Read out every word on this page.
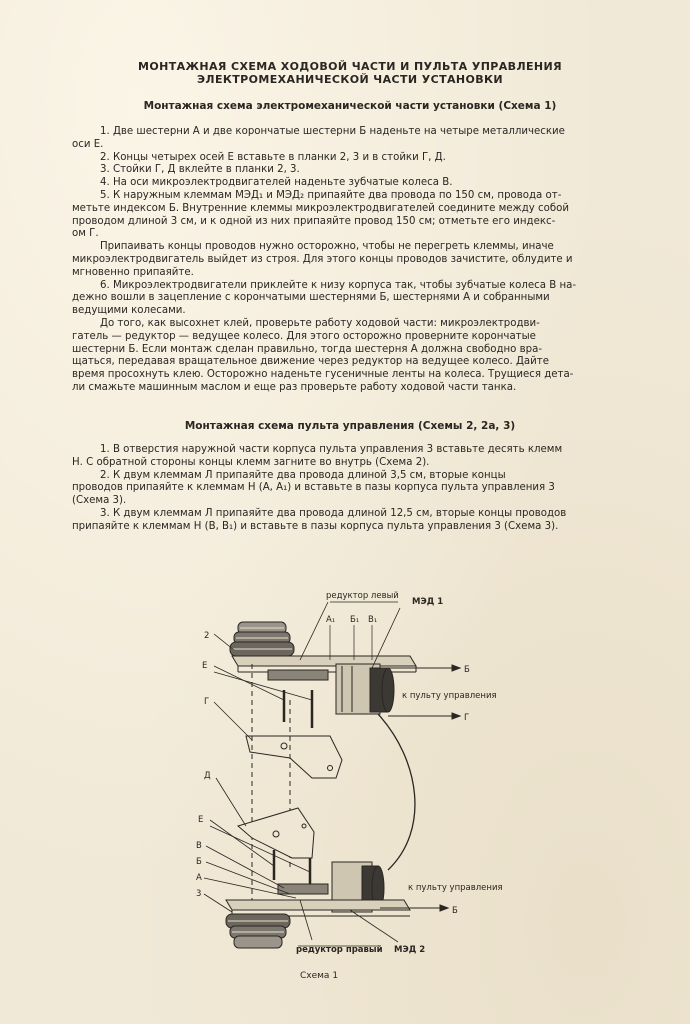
МОНТАЖНАЯ СХЕМА ХОДОВОЙ ЧАСТИ И ПУЛЬТА УПРАВЛЕНИЯ
ЭЛЕКТРОМЕХАНИЧЕСКОЙ ЧАСТИ УСТАНОВКИ
Монтажная схема электромеханической части установки (Схема 1)
1. Две шестерни А и две корончатые шестерни Б наденьте на четыре металлические
оси Е.
2. Концы четырех осей Е вставьте в планки 2, 3 и в стойки Г, Д.
3. Стойки Г, Д вклейте в планки 2, 3.
4. На оси микроэлектродвигателей наденьте зубчатые колеса В.
5. К наружным клеммам МЭД₁ и МЭД₂ припаяйте два провода по 150 см, провода от-
метьте индексом Б. Внутренние клеммы микроэлектродвигателей соедините между собой
проводом длиной 3 см, и к одной из них припаяйте провод 150 см; отметьте его индекс-
ом Г.
Припаивать концы проводов нужно осторожно, чтобы не перегреть клеммы, иначе
микроэлектродвигатель выйдет из строя. Для этого концы проводов зачистите, облудите и
мгновенно припаяйте.
6. Микроэлектродвигатели приклейте к низу корпуса так, чтобы зубчатые колеса В на-
дежно вошли в зацепление с корончатыми шестернями Б, шестернями А и собранными
ведущими колесами.
До того, как высохнет клей, проверьте работу ходовой части: микроэлектродви-
гатель — редуктор — ведущее колесо. Для этого осторожно проверните корончатые
шестерни Б. Если монтаж сделан правильно, тогда шестерня А должна свободно вра-
щаться, передавая вращательное движение через редуктор на ведущее колесо. Дайте
время просохнуть клею. Осторожно наденьте гусеничные ленты на колеса. Трущиеся дета-
ли смажьте машинным маслом и еще раз проверьте работу ходовой части танка.
Монтажная схема пульта управления (Схемы 2, 2а, 3)
1. В отверстия наружной части корпуса пульта управления 3 вставьте десять клемм
Н. С обратной стороны концы клемм загните во внутрь (Схема 2).
2. К двум клеммам Л припаяйте два провода длиной 3,5 см, вторые концы
проводов припаяйте к клеммам Н (А, А₁) и вставьте в пазы корпуса пульта управления 3
(Схема 3).
3. К двум клеммам Л припаяйте два провода длиной 12,5 см, вторые концы проводов
припаяйте к клеммам Н (В, В₁) и вставьте в пазы корпуса пульта управления 3 (Схема 3).
редуктор левый
МЭД 1
А₁ Б₁ В₁
2
Е	Б
к пульту управления
Г
Г
Д
Е
В
Б
А
3
к пульту управления
Б
редуктор правый МЭД 2
Схема 1
